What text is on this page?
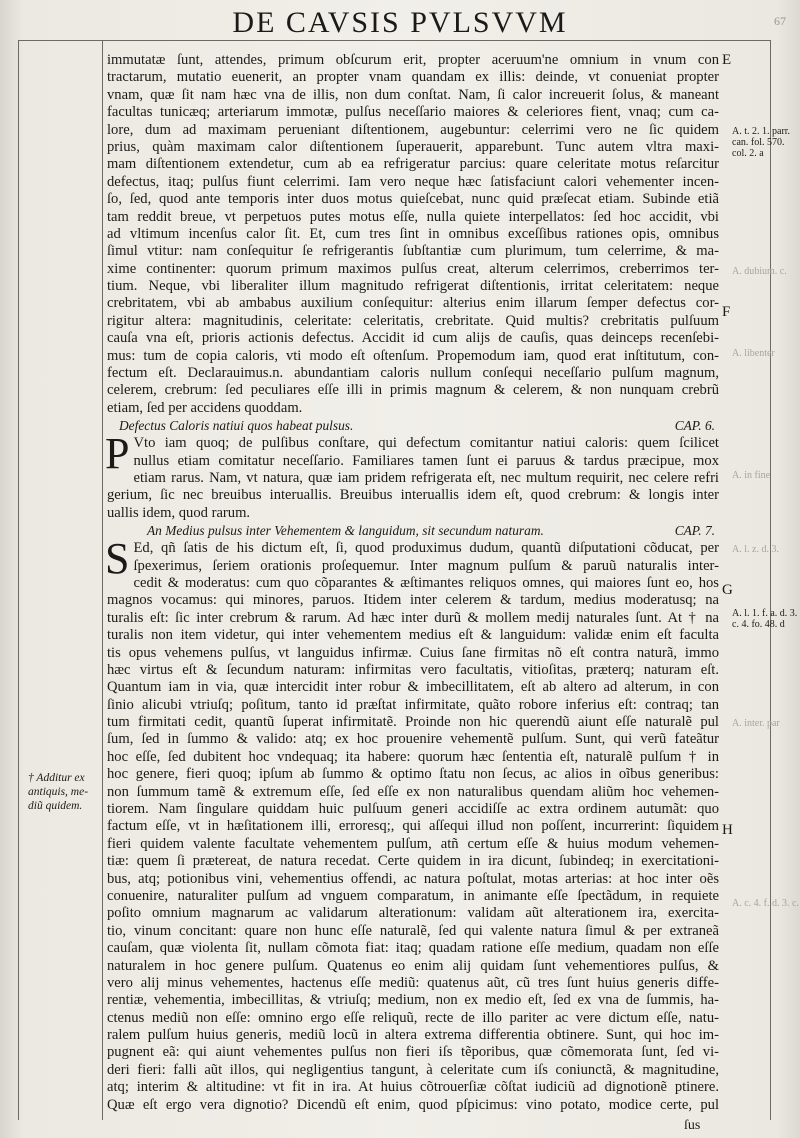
DE CAVSIS PVLSVVM	67
E
F
G
H
A. t. 2. 1. parr.
can. fol. 570.
col. 2. a
A. l. 1. f. a. d. 3.
c. 4. fo. 48. d
A. dubium. c.
A. libenter
A. in fine
A. l. z. d. 3.
A. inter. par
A. c. 4. f. d. 3. c.
† Additur ex
antiquis, me-
diũ quidem.
immutatæ ſunt, attendes, primum obſcurum erit, propter aceruum'ne omnium in vnum con
tractarum, mutatio euenerit, an propter vnam quandam ex illis: deinde, vt conueniat propter
vnam, quæ ſit nam hæc vna de illis, non dum conſtat. Nam, ſi calor increuerit ſolus, & maneant
facultas tunicæq; arteriarum immotæ, pulſus neceſſario maiores & celeriores fient, vnaq; cum ca-
lore, dum ad maximam perueniant diſtentionem, augebuntur: celerrimi vero ne ſic quidem
prius, quàm maximam calor diſtentionem ſuperauerit, apparebunt. Tunc autem vltra maxi-
mam diſtentionem extendetur, cum ab ea refrigeratur parcius: quare celeritate motus reſarcitur
defectus, itaq; pulſus fiunt celerrimi. Iam vero neque hæc ſatisfaciunt calori vehementer incen-
ſo, ſed, quod ante temporis inter duos motus quieſcebat, nunc quid præſecat etiam. Subinde etiã
tam reddit breue, vt perpetuos putes motus eſſe, nulla quiete interpellatos: ſed hoc accidit, vbi
ad vltimum incenſus calor ſit. Et, cum tres ſint in omnibus exceſſibus rationes opis, omnibus
ſimul vtitur: nam conſequitur ſe refrigerantis ſubſtantiæ cum plurimum, tum celerrime, & ma-
xime continenter: quorum primum maximos pulſus creat, alterum celerrimos, creberrimos ter-
tium. Neque, vbi liberaliter illum magnitudo refrigerat diſtentionis, irritat celeritatem: neque
crebritatem, vbi ab ambabus auxilium conſequitur: alterius enim illarum ſemper defectus cor-
rigitur altera: magnitudinis, celeritate: celeritatis, crebritate. Quid multis? crebritatis pulſuum
cauſa vna eſt, prioris actionis defectus. Accidit id cum alijs de cauſis, quas deinceps recenſebi-
mus: tum de copia caloris, vti modo eſt oſtenſum. Propemodum iam, quod erat inſtitutum, con-
fectum eſt. Declarauimus.n. abundantiam caloris nullum conſequi neceſſario pulſum magnum,
celerem, crebrum: ſed peculiares eſſe illi in primis magnum & celerem, & non nunquam crebrũ
etiam, ſed per accidens quoddam.
Defectus Caloris natiui quos habeat pulsus.	CAP. 6.
P Vto iam quoq; de pulſibus conſtare, qui defectum comitantur natiui caloris: quem ſcilicet
nullus etiam comitatur neceſſario. Familiares tamen ſunt ei paruus & tardus præcipue, mox
etiam rarus. Nam, vt natura, quæ iam pridem refrigerata eſt, nec multum requirit, nec celere refri
gerium, ſic nec breuibus interuallis. Breuibus interuallis idem eſt, quod crebrum: & longis inter
uallis idem, quod rarum.
An Medius pulsus inter Vehementem & languidum, sit secundum naturam.	CAP. 7.
S Ed, qñ ſatis de his dictum eſt, ſi, quod produximus dudum, quantũ diſputationi cõducat, per
ſpexerimus, ſeriem orationis proſequemur. Inter magnum pulſum & paruũ naturalis inter-
cedit & moderatus: cum quo cõparantes & æſtimantes reliquos omnes, qui maiores ſunt eo, hos
magnos vocamus: qui minores, paruos. Itidem inter celerem & tardum, medius moderatusq; na
turalis eſt: ſic inter crebrum & rarum. Ad hæc inter durũ & mollem medij naturales ſunt. At † na
turalis non item videtur, qui inter vehementem medius eſt & languidum: validæ enim eſt faculta
tis opus vehemens pulſus, vt languidus infirmæ. Cuius ſane firmitas nõ eſt contra naturã, immo
hæc virtus eſt & ſecundum naturam: infirmitas vero facultatis, vitioſitas, præterq; naturam eſt.
Quantum iam in via, quæ intercidit inter robur & imbecillitatem, eſt ab altero ad alterum, in con
ſinio alicubi vtriuſq; poſitum, tanto id præſtat infirmitate, quãto robore inferius eſt: contraq; tan
tum firmitati cedit, quantũ ſuperat infirmitatẽ. Proinde non hic querendũ aiunt eſſe naturalẽ pul
ſum, ſed in ſummo & valido: atq; ex hoc prouenire vehementẽ pulſum. Sunt, qui verũ fateãtur
hoc eſſe, ſed dubitent hoc vndequaq; ita habere: quorum hæc ſententia eſt, naturalẽ pulſum † in
hoc genere, fieri quoq; ipſum ab ſummo & optimo ſtatu non ſecus, ac alios in oĩbus generibus:
non ſummum tamẽ & extremum eſſe, ſed eſſe ex non naturalibus quendam aliũm hoc vehemen-
tiorem. Nam ſingulare quiddam huic pulſuum generi accidiſſe ac extra ordinem autumãt: quo
factum eſſe, vt in hæſitationem illi, erroresq;, qui aſſequi illud non poſſent, incurrerint: ſiquidem
fieri quidem valente facultate vehementem pulſum, atñ certum eſſe & huius modum vehemen-
tiæ: quem ſi prætereat, de natura recedat. Certe quidem in ira dicunt, ſubindeq; in exercitationi-
bus, atq; potionibus vini, vehementius offendi, ac natura poſtulat, motas arterias: at hoc inter oẽs
conuenire, naturaliter pulſum ad vnguem comparatum, in animante eſſe ſpectãdum, in requiete
poſito omnium magnarum ac validarum alterationum: validam aũt alterationem ira, exercita-
tio, vinum concitant: quare non hunc eſſe naturalẽ, ſed qui valente natura ſimul & per extraneã
cauſam, quæ violenta ſit, nullam cõmota fiat: itaq; quadam ratione eſſe medium, quadam non eſſe
naturalem in hoc genere pulſum. Quatenus eo enim alij quidam ſunt vehementiores pulſus, &
vero alij minus vehementes, hactenus eſſe mediũ: quatenus aũt, cũ tres ſunt huius generis diffe-
rentiæ, vehementia, imbecillitas, & vtriuſq; medium, non ex medio eſt, ſed ex vna de ſummis, ha-
ctenus mediũ non eſſe: omnino ergo eſſe reliquũ, recte de illo pariter ac vere dictum eſſe, natu-
ralem pulſum huius generis, mediũ locũ in altera extrema differentia obtinere. Sunt, qui hoc im-
pugnent eã: qui aiunt vehementes pulſus non fieri iſs tẽporibus, quæ cõmemorata ſunt, ſed vi-
deri fieri: falli aũt illos, qui negligentius tangunt, à celeritate cum iſs coniunctã, & magnitudine,
atq; interim & altitudine: vt fit in ira. At huius cõtrouerſiæ cõſtat iudiciũ ad dignotionẽ ptinere.
Quæ eſt ergo vera dignotio? Dicendũ eſt enim, quod pſpicimus: vino potato, modice certe, pul
ſus
